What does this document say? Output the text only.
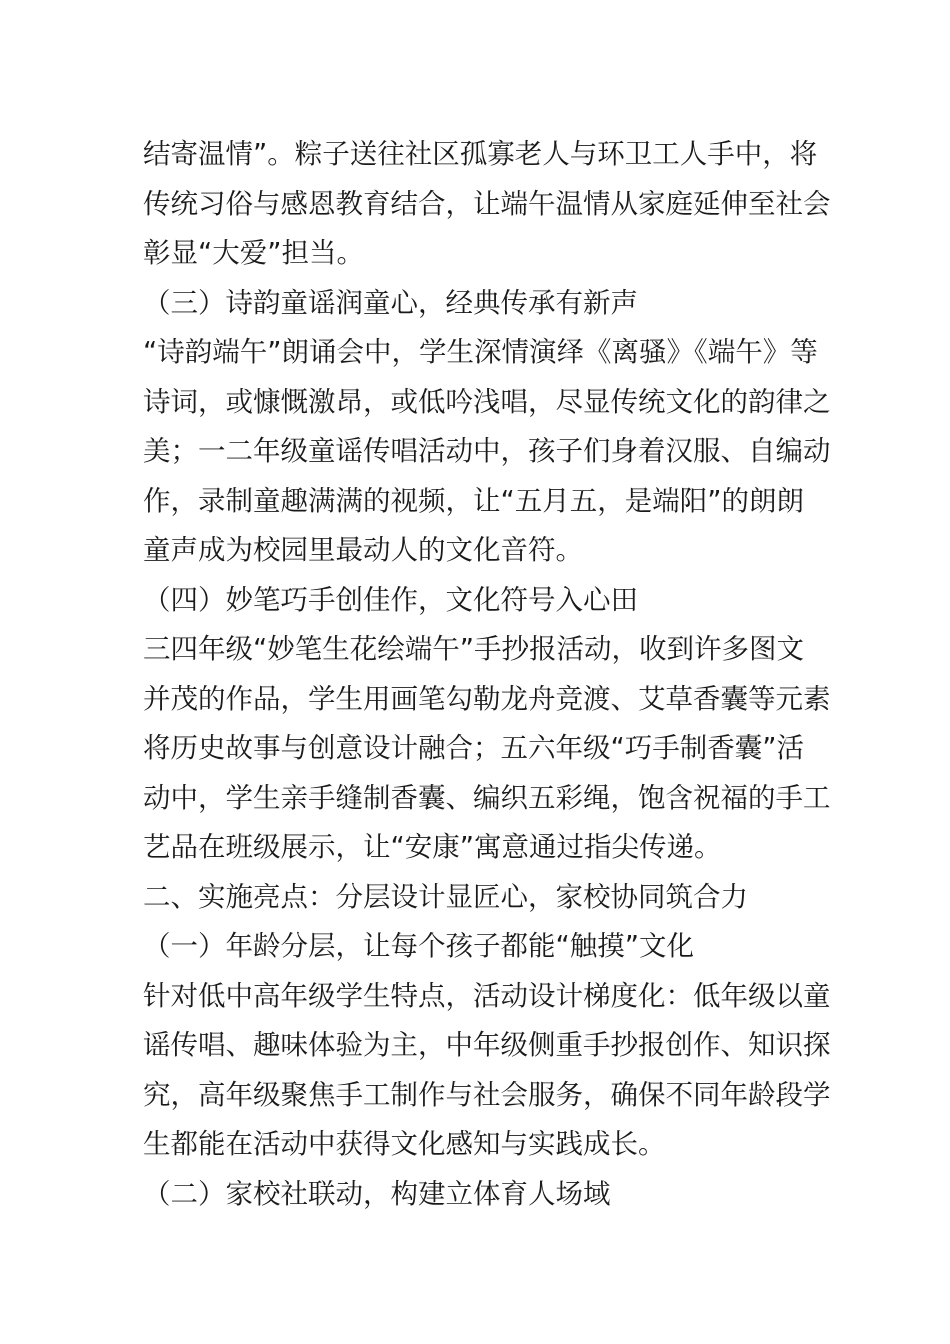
结寄温情”。粽子送往社区孤寡老人与环卫工人手中，将
传统习俗与感恩教育结合，让端午温情从家庭延伸至社会
彰显“大爱”担当。
（三）诗韵童谣润童心，经典传承有新声
“诗韵端午”朗诵会中，学生深情演绎《离骚》《端午》等
诗词，或慷慨激昂，或低吟浅唱，尽显传统文化的韵律之
美；一二年级童谣传唱活动中，孩子们身着汉服、自编动
作，录制童趣满满的视频，让“五月五，是端阳”的朗朗
童声成为校园里最动人的文化音符。
（四）妙笔巧手创佳作，文化符号入心田
三四年级“妙笔生花绘端午”手抄报活动，收到许多图文
并茂的作品，学生用画笔勾勒龙舟竞渡、艾草香囊等元素
将历史故事与创意设计融合；五六年级“巧手制香囊”活
动中，学生亲手缝制香囊、编织五彩绳，饱含祝福的手工
艺品在班级展示，让“安康”寓意通过指尖传递。
二、实施亮点：分层设计显匠心，家校协同筑合力
（一）年龄分层，让每个孩子都能“触摸”文化
针对低中高年级学生特点，活动设计梯度化：低年级以童
谣传唱、趣味体验为主，中年级侧重手抄报创作、知识探
究，高年级聚焦手工制作与社会服务，确保不同年龄段学
生都能在活动中获得文化感知与实践成长。
（二）家校社联动，构建立体育人场域
